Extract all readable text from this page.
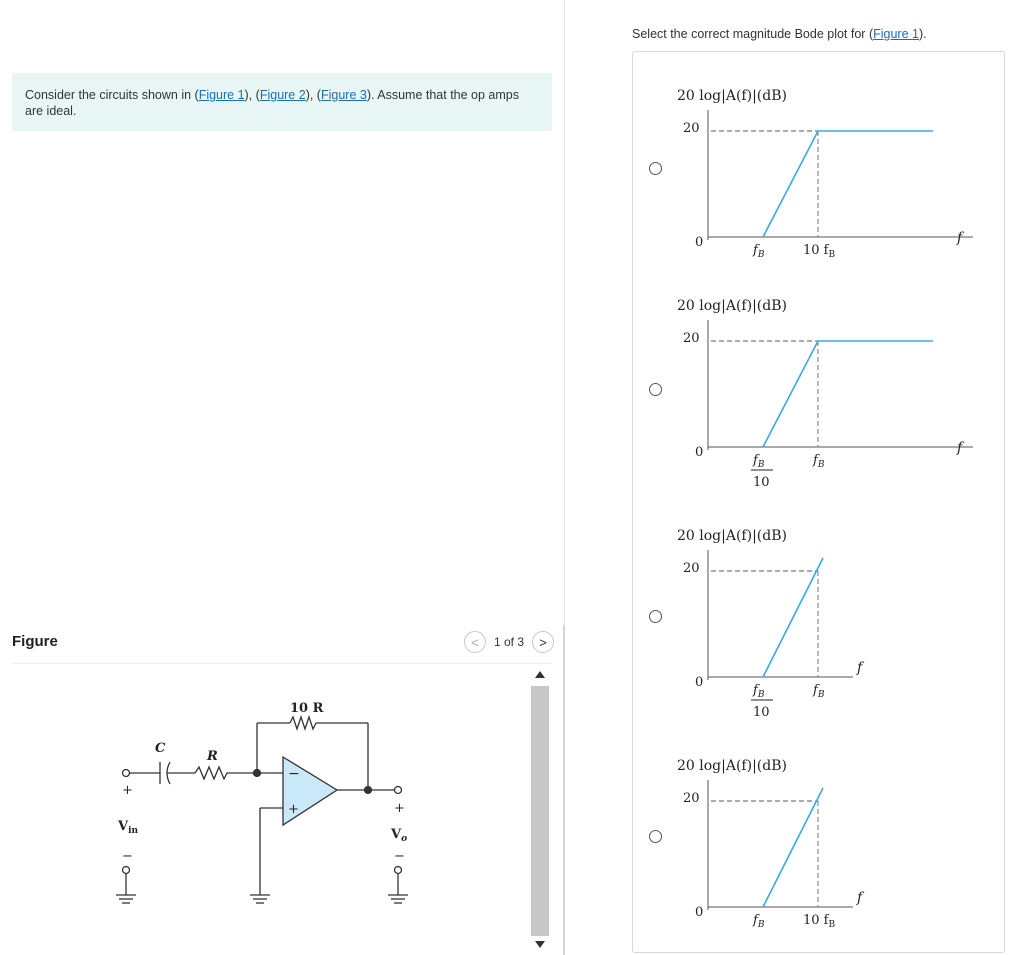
Consider the circuits shown in (Figure 1), (Figure 2), (Figure 3). Assume that the op amps are ideal.
Figure	<	1 of 3	>
C
R
10 R
−
+
+
−
$V_{in}$
+
−
$V_o$
Select the correct magnitude Bode plot for (Figure 1).
20 log|A(f)|(dB)
20
0
$f_B$	10 $f_B$
f
20 log|A(f)|(dB)
20
0
$f_B$
10
$f_B$
f
20 log|A(f)|(dB)
20
0
$f_B$
10
$f_B$
f
20 log|A(f)|(dB)
20
0
$f_B$	10 $f_B$
f
